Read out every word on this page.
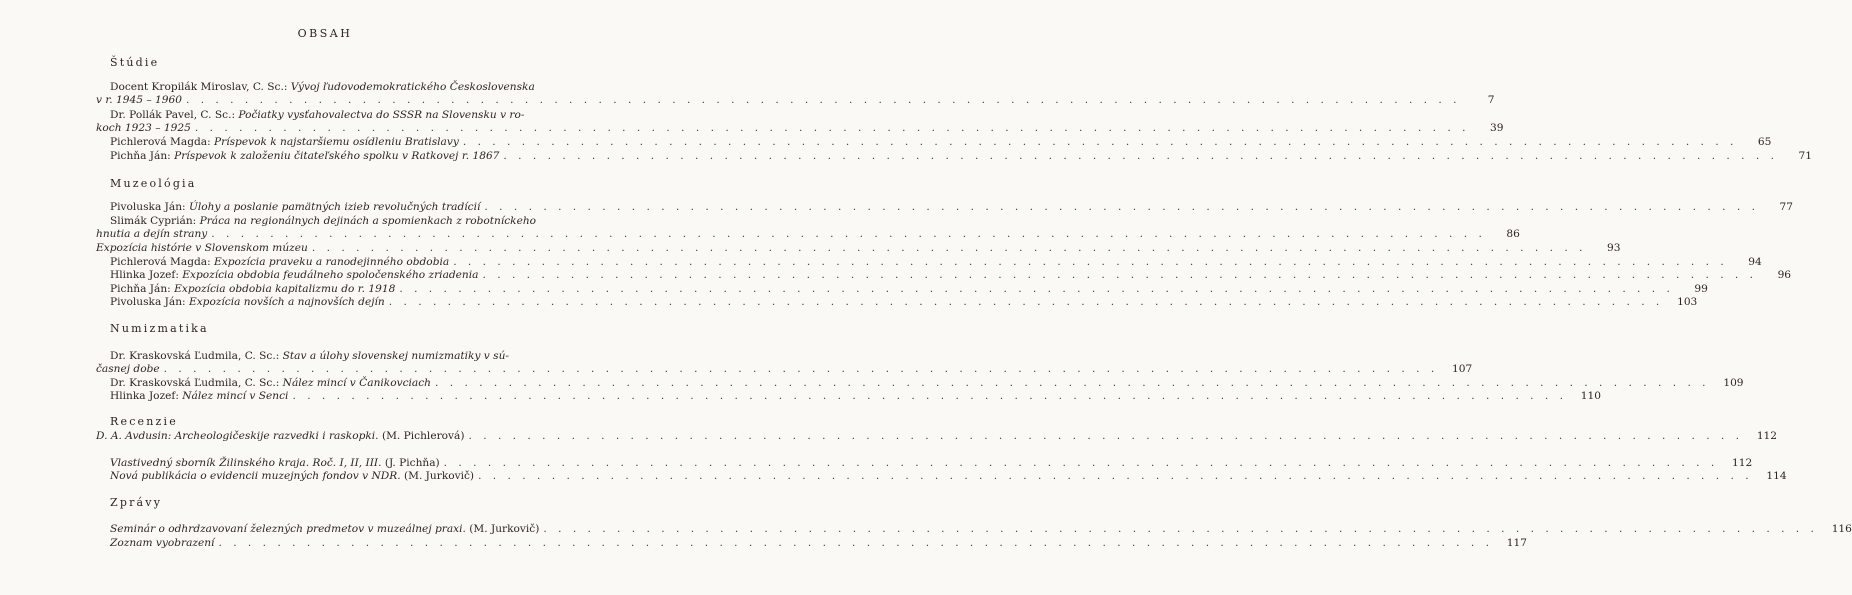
OBSAH
Štúdie
Docent Kropilák Miroslav, C. Sc.: Vývoj ľudovodemokratického Československa
v r. 1945 – 1960 . . .	7
Dr. Pollák Pavel, C. Sc.: Počiatky vysťahovalectva do SSSR na Slovensku v ro-
koch 1923 – 1925 . . .	39
Pichlerová Magda: Príspevok k najstaršiemu osídleniu Bratislavy . . .	65
Pichňa Ján: Príspevok k založeniu čitateľského spolku v Ratkovej r. 1867 . . .	71
Muzeológia
Pivoluska Ján: Úlohy a poslanie pamätných izieb revolučných tradícií . . .	77
Slimák Cyprián: Práca na regionálnych dejinách a spomienkach z robotníckeho
hnutia a dejín strany . . .	86
Expozícia histórie v Slovenskom múzeu . . .	93
Pichlerová Magda: Expozícia praveku a ranodejinného obdobia . . .	94
Hlinka Jozef: Expozícia obdobia feudálneho spoločenského zriadenia . . .	96
Pichňa Ján: Expozícia obdobia kapitalizmu do r. 1918 . . .	99
Pivoluska Ján: Expozícia novších a najnovších dejín . . .	103
Numizmatika
Dr. Kraskovská Ľudmila, C. Sc.: Stav a úlohy slovenskej numizmatiky v sú-
časnej dobe . . .	107
Dr. Kraskovská Ľudmila, C. Sc.: Nález mincí v Čanikovciach . . .	109
Hlinka Jozef: Nález mincí v Senci . . .	110
Recenzie
D. A. Avdusin: Archeologičeskije razvedki i raskopki. (M. Pichlerová) . . .	112
Vlastivedný sborník Žilinského kraja. Roč. I, II, III. (J. Pichňa) . . .	112
Nová publikácia o evidencii muzejných fondov v NDR. (M. Jurkovič) . . .	114
Zprávy
Seminár o odhrdzavovaní železných predmetov v muzeálnej praxi. (M. Jurkovič) . . .	116
Zoznam vyobrazení . . .	117
